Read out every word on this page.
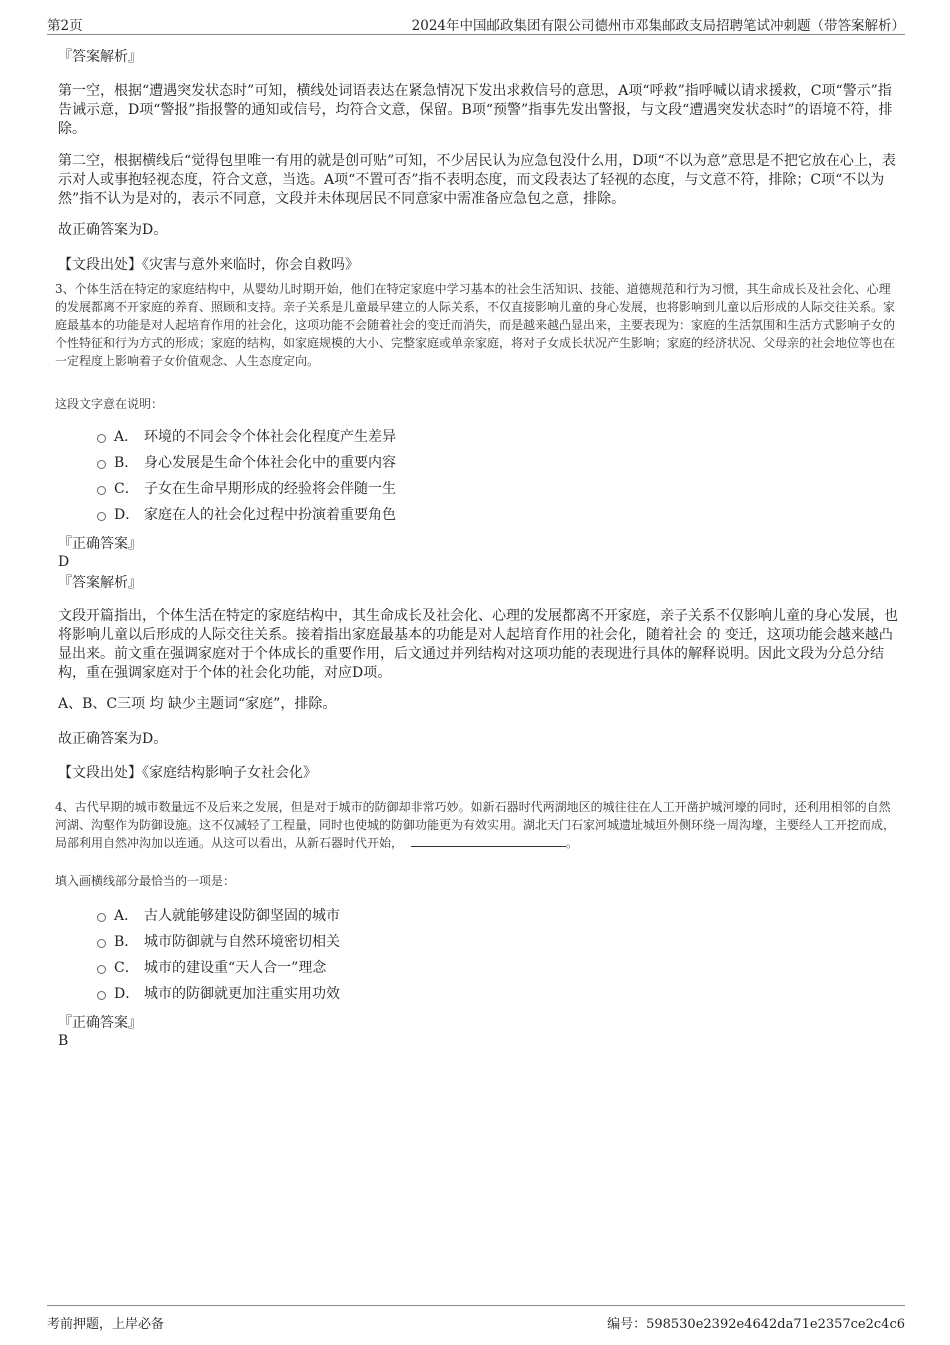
第2页	2024年中国邮政集团有限公司德州市邓集邮政支局招聘笔试冲刺题（带答案解析）
『答案解析』
第一空，根据“遭遇突发状态时”可知，横线处词语表达在紧急情况下发出求救信号的意思，A项“呼救”指呼喊以请求援救，C项“警示”指告诫示意，D项“警报”指报警的通知或信号，均符合文意，保留。B项“预警”指事先发出警报，与文段“遭遇突发状态时”的语境不符，排除。
第二空，根据横线后“觉得包里唯一有用的就是创可贴”可知，不少居民认为应急包没什么用，D项“不以为意”意思是不把它放在心上，表示对人或事抱轻视态度，符合文意，当选。A项“不置可否”指不表明态度，而文段表达了轻视的态度，与文意不符，排除；C项“不以为然”指不认为是对的，表示不同意，文段并未体现居民不同意家中需准备应急包之意，排除。
故正确答案为D。
【文段出处】《灾害与意外来临时，你会自救吗》
3、个体生活在特定的家庭结构中，从婴幼儿时期开始，他们在特定家庭中学习基本的社会生活知识、技能、道德规范和行为习惯，其生命成长及社会化、心理的发展都离不开家庭的养育、照顾和支持。亲子关系是儿童最早建立的人际关系，不仅直接影响儿童的身心发展，也将影响到儿童以后形成的人际交往关系。家庭最基本的功能是对人起培育作用的社会化，这项功能不会随着社会的变迁而消失，而是越来越凸显出来，主要表现为：家庭的生活氛围和生活方式影响子女的个性特征和行为方式的形成；家庭的结构，如家庭规模的大小、完整家庭或单亲家庭，将对子女成长状况产生影响；家庭的经济状况、父母亲的社会地位等也在一定程度上影响着子女价值观念、人生态度定向。
这段文字意在说明：
A． 环境的不同会令个体社会化程度产生差异
B． 身心发展是生命个体社会化中的重要内容
C． 子女在生命早期形成的经验将会伴随一生
D． 家庭在人的社会化过程中扮演着重要角色
『正确答案』
D
『答案解析』
文段开篇指出，个体生活在特定的家庭结构中，其生命成长及社会化、心理的发展都离不开家庭，亲子关系不仅影响儿童的身心发展，也将影响儿童以后形成的人际交往关系。接着指出家庭最基本的功能是对人起培育作用的社会化，随着社会 的 变迁，这项功能会越来越凸显出来。前文重在强调家庭对于个体成长的重要作用，后文通过并列结构对这项功能的表现进行具体的解释说明。因此文段为分总分结构，重在强调家庭对于个体的社会化功能，对应D项。
A、B、C三项 均 缺少主题词“家庭”，排除。
故正确答案为D。
【文段出处】《家庭结构影响子女社会化》
4、古代早期的城市数量远不及后来之发展，但是对于城市的防御却非常巧妙。如新石器时代两湖地区的城往往在人工开凿护城河壕的同时，还利用相邻的自然河湖、沟壑作为防御设施。这不仅减轻了工程量，同时也使城的防御功能更为有效实用。湖北天门石家河城遗址城垣外侧环绕一周沟壕，主要经人工开挖而成，局部利用自然冲沟加以连通。从这可以看出，从新石器时代开始，	。
填入画横线部分最恰当的一项是：
A． 古人就能够建设防御坚固的城市
B． 城市防御就与自然环境密切相关
C． 城市的建设重“天人合一”理念
D． 城市的防御就更加注重实用功效
『正确答案』
B
考前押题，上岸必备	编号：598530e2392e4642da71e2357ce2c4c6
